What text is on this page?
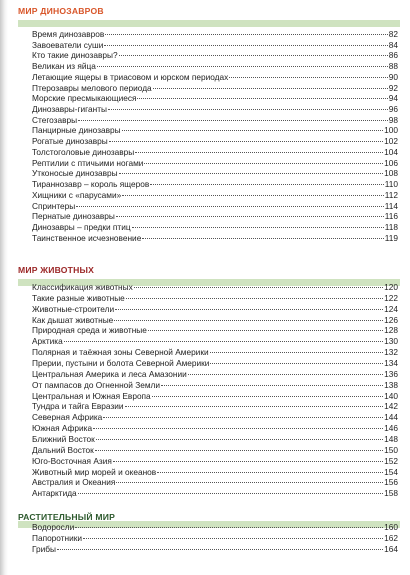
МИР ДИНОЗАВРОВ
Время динозавров	82
Завоеватели суши	84
Кто такие динозавры?	86
Великан из яйца	88
Летающие ящеры в триасовом и юрском периодах	90
Птерозавры мелового периода	92
Морские пресмыкающиеся	94
Динозавры-гиганты	96
Стегозавры	98
Панцирные динозавры	100
Рогатые динозавры	102
Толстоголовые динозавры	104
Рептилии с птичьими ногами	106
Утконосые динозавры	108
Тираннозавр – король ящеров	110
Хищники с «парусами»	112
Спринтеры	114
Пернатые динозавры	116
Динозавры – предки птиц	118
Таинственное исчезновение	119
МИР ЖИВОТНЫХ
Классификация животных	120
Такие разные животные	122
Животные-строители	124
Как дышат животные	126
Природная среда и животные	128
Арктика	130
Полярная и таёжная зоны Северной Америки	132
Прерии, пустыни и болота Северной Америки	134
Центральная Америка и леса Амазонии	136
От пампасов до Огненной Земли	138
Центральная и Южная Европа	140
Тундра и тайга Евразии	142
Северная Африка	144
Южная Африка	146
Ближний Восток	148
Дальний Восток	150
Юго-Восточная Азия	152
Животный мир морей и океанов	154
Австралия и Океания	156
Антарктида	158
РАСТИТЕЛЬНЫЙ МИР
Водоросли	160
Папоротники	162
Грибы	164
